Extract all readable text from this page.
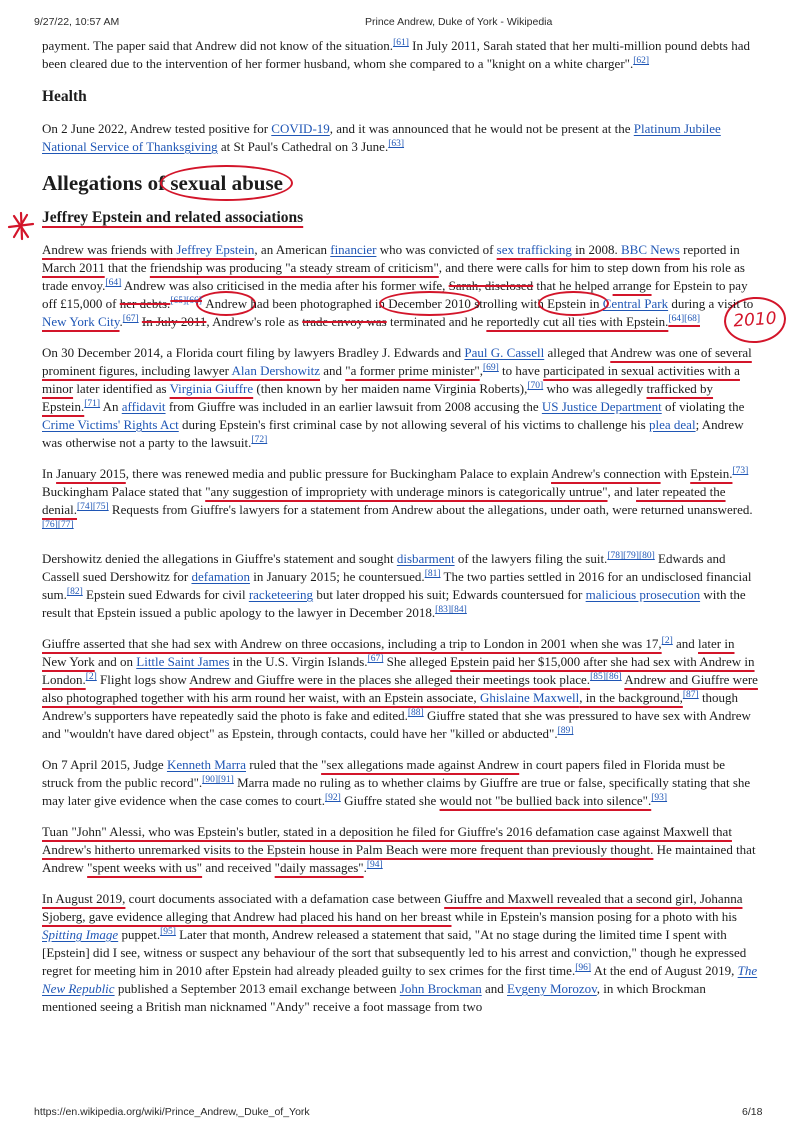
9/27/22, 10:57 AM	Prince Andrew, Duke of York - Wikipedia
2010

payment. The paper said that Andrew did not know of the situation.[61] In July 2011, Sarah stated that her multi-million pound debts had been cleared due to the intervention of her former husband, whom she compared to a "knight on a white charger".[62]

Health

On 2 June 2022, Andrew tested positive for COVID-19, and it was announced that he would not be present at the Platinum Jubilee National Service of Thanksgiving at St Paul's Cathedral on 3 June.[63]

Allegations of sexual abuse
Jeffrey Epstein and related associations

Andrew was friends with Jeffrey Epstein, an American financier who was convicted of sex trafficking in 2008. BBC News reported in March 2011 that the friendship was producing "a steady stream of criticism", and there were calls for him to step down from his role as trade envoy.[64] Andrew was also criticised in the media after his former wife, Sarah, disclosed that he helped arrange for Epstein to pay off £15,000 of her debts.[65][66] Andrew had been photographed in December 2010 strolling with Epstein in Central Park during a visit to New York City.[67] In July 2011, Andrew's role as trade envoy was terminated and he reportedly cut all ties with Epstein.[64][68]

On 30 December 2014, a Florida court filing by lawyers Bradley J. Edwards and Paul G. Cassell alleged that Andrew was one of several prominent figures, including lawyer Alan Dershowitz and "a former prime minister",[69] to have participated in sexual activities with a minor later identified as Virginia Giuffre (then known by her maiden name Virginia Roberts),[70] who was allegedly trafficked by Epstein.[71] An affidavit from Giuffre was included in an earlier lawsuit from 2008 accusing the US Justice Department of violating the Crime Victims' Rights Act during Epstein's first criminal case by not allowing several of his victims to challenge his plea deal; Andrew was otherwise not a party to the lawsuit.[72]

In January 2015, there was renewed media and public pressure for Buckingham Palace to explain Andrew's connection with Epstein.[73] Buckingham Palace stated that "any suggestion of impropriety with underage minors is categorically untrue", and later repeated the denial.[74][75] Requests from Giuffre's lawyers for a statement from Andrew about the allegations, under oath, were returned unanswered.[76][77]

Dershowitz denied the allegations in Giuffre's statement and sought disbarment of the lawyers filing the suit.[78][79][80] Edwards and Cassell sued Dershowitz for defamation in January 2015; he countersued.[81] The two parties settled in 2016 for an undisclosed financial sum.[82] Epstein sued Edwards for civil racketeering but later dropped his suit; Edwards countersued for malicious prosecution with the result that Epstein issued a public apology to the lawyer in December 2018.[83][84]

Giuffre asserted that she had sex with Andrew on three occasions, including a trip to London in 2001 when she was 17,[2] and later in New York and on Little Saint James in the U.S. Virgin Islands.[67] She alleged Epstein paid her $15,000 after she had sex with Andrew in London.[2] Flight logs show Andrew and Giuffre were in the places she alleged their meetings took place.[85][86] Andrew and Giuffre were also photographed together with his arm round her waist, with an Epstein associate, Ghislaine Maxwell, in the background,[87] though Andrew's supporters have repeatedly said the photo is fake and edited.[88] Giuffre stated that she was pressured to have sex with Andrew and "wouldn't have dared object" as Epstein, through contacts, could have her "killed or abducted".[89]

On 7 April 2015, Judge Kenneth Marra ruled that the "sex allegations made against Andrew in court papers filed in Florida must be struck from the public record".[90][91] Marra made no ruling as to whether claims by Giuffre are true or false, specifically stating that she may later give evidence when the case comes to court.[92] Giuffre stated she would not "be bullied back into silence".[93]

Tuan "John" Alessi, who was Epstein's butler, stated in a deposition he filed for Giuffre's 2016 defamation case against Maxwell that Andrew's hitherto unremarked visits to the Epstein house in Palm Beach were more frequent than previously thought. He maintained that Andrew "spent weeks with us" and received "daily massages".[94]

In August 2019, court documents associated with a defamation case between Giuffre and Maxwell revealed that a second girl, Johanna Sjoberg, gave evidence alleging that Andrew had placed his hand on her breast while in Epstein's mansion posing for a photo with his Spitting Image puppet.[95] Later that month, Andrew released a statement that said, "At no stage during the limited time I spent with [Epstein] did I see, witness or suspect any behaviour of the sort that subsequently led to his arrest and conviction," though he expressed regret for meeting him in 2010 after Epstein had already pleaded guilty to sex crimes for the first time.[96] At the end of August 2019, The New Republic published a September 2013 email exchange between John Brockman and Evgeny Morozov, in which Brockman mentioned seeing a British man nicknamed "Andy" receive a foot massage from two

https://en.wikipedia.org/wiki/Prince_Andrew,_Duke_of_York	6/18
